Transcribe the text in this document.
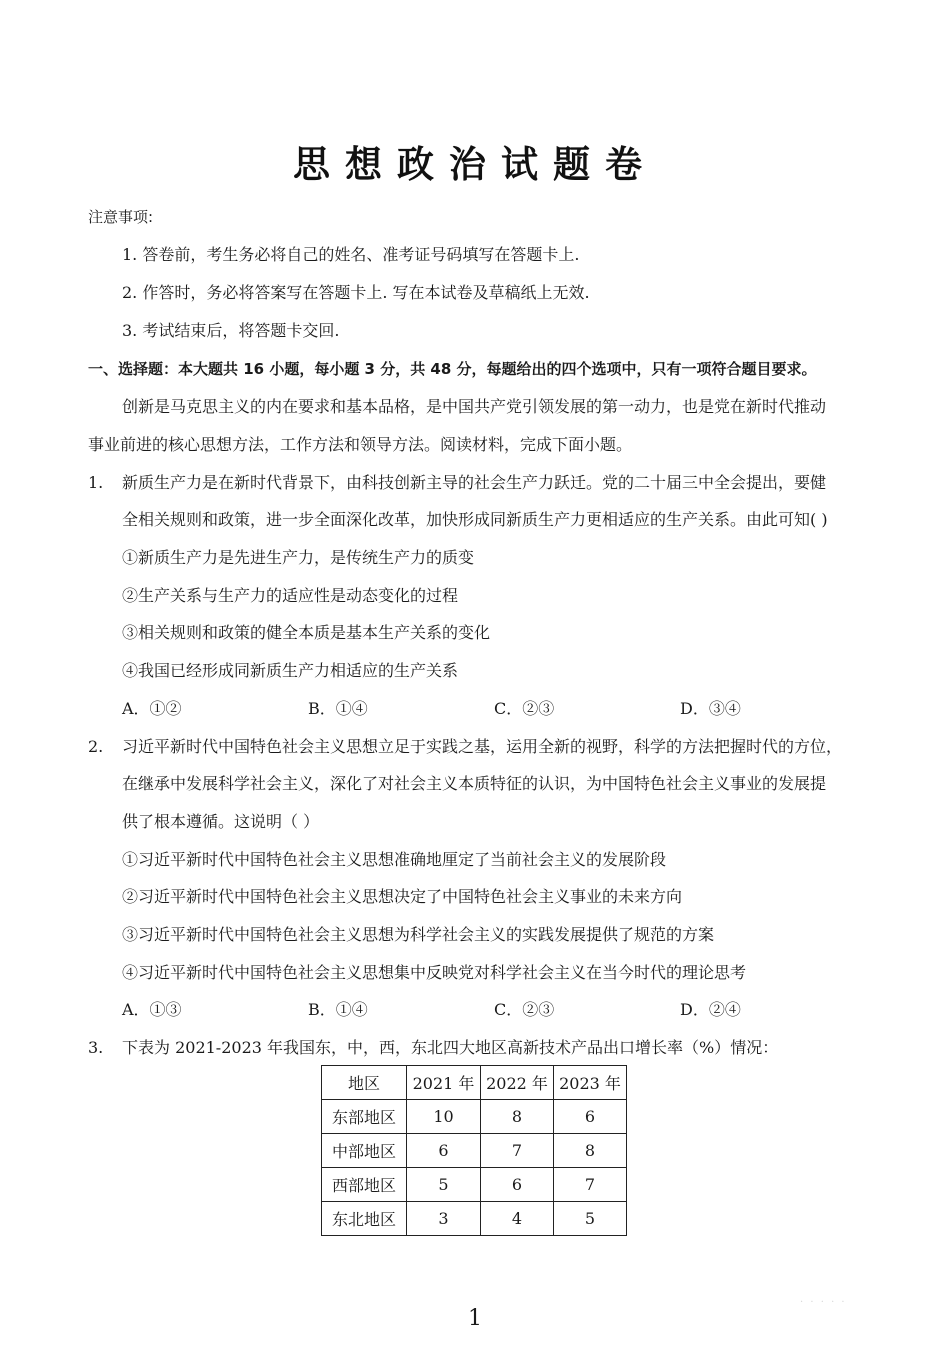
思想政治试题卷
注意事项:
1. 答卷前，考生务必将自己的姓名、准考证号码填写在答题卡上.
2. 作答时，务必将答案写在答题卡上. 写在本试卷及草稿纸上无效.
3. 考试结束后，将答题卡交回.
一、选择题：本大题共 16 小题，每小题 3 分，共 48 分，每题给出的四个选项中，只有一项符合题目要求。
创新是马克思主义的内在要求和基本品格，是中国共产党引领发展的第一动力，也是党在新时代推动
事业前进的核心思想方法，工作方法和领导方法。阅读材料，完成下面小题。
1. 新质生产力是在新时代背景下，由科技创新主导的社会生产力跃迁。党的二十届三中全会提出，要健
全相关规则和政策，进一步全面深化改革，加快形成同新质生产力更相适应的生产关系。由此可知( )
①新质生产力是先进生产力，是传统生产力的质变
②生产关系与生产力的适应性是动态变化的过程
③相关规则和政策的健全本质是基本生产关系的变化
④我国已经形成同新质生产力相适应的生产关系
A．①②	B．①④	C．②③	D．③④
2. 习近平新时代中国特色社会主义思想立足于实践之基，运用全新的视野，科学的方法把握时代的方位，
在继承中发展科学社会主义，深化了对社会主义本质特征的认识，为中国特色社会主义事业的发展提
供了根本遵循。这说明（ ）
①习近平新时代中国特色社会主义思想准确地厘定了当前社会主义的发展阶段
②习近平新时代中国特色社会主义思想决定了中国特色社会主义事业的未来方向
③习近平新时代中国特色社会主义思想为科学社会主义的实践发展提供了规范的方案
④习近平新时代中国特色社会主义思想集中反映党对科学社会主义在当今时代的理论思考
A．①③	B．①④	C．②③	D．②④
3. 下表为 2021-2023 年我国东，中，西，东北四大地区高新技术产品出口增长率（%）情况：
地区	2021 年	2022 年	2023 年
东部地区	10	8	6
中部地区	6	7	8
西部地区	5	6	7
东北地区	3	4	5
· · · · ·
1
